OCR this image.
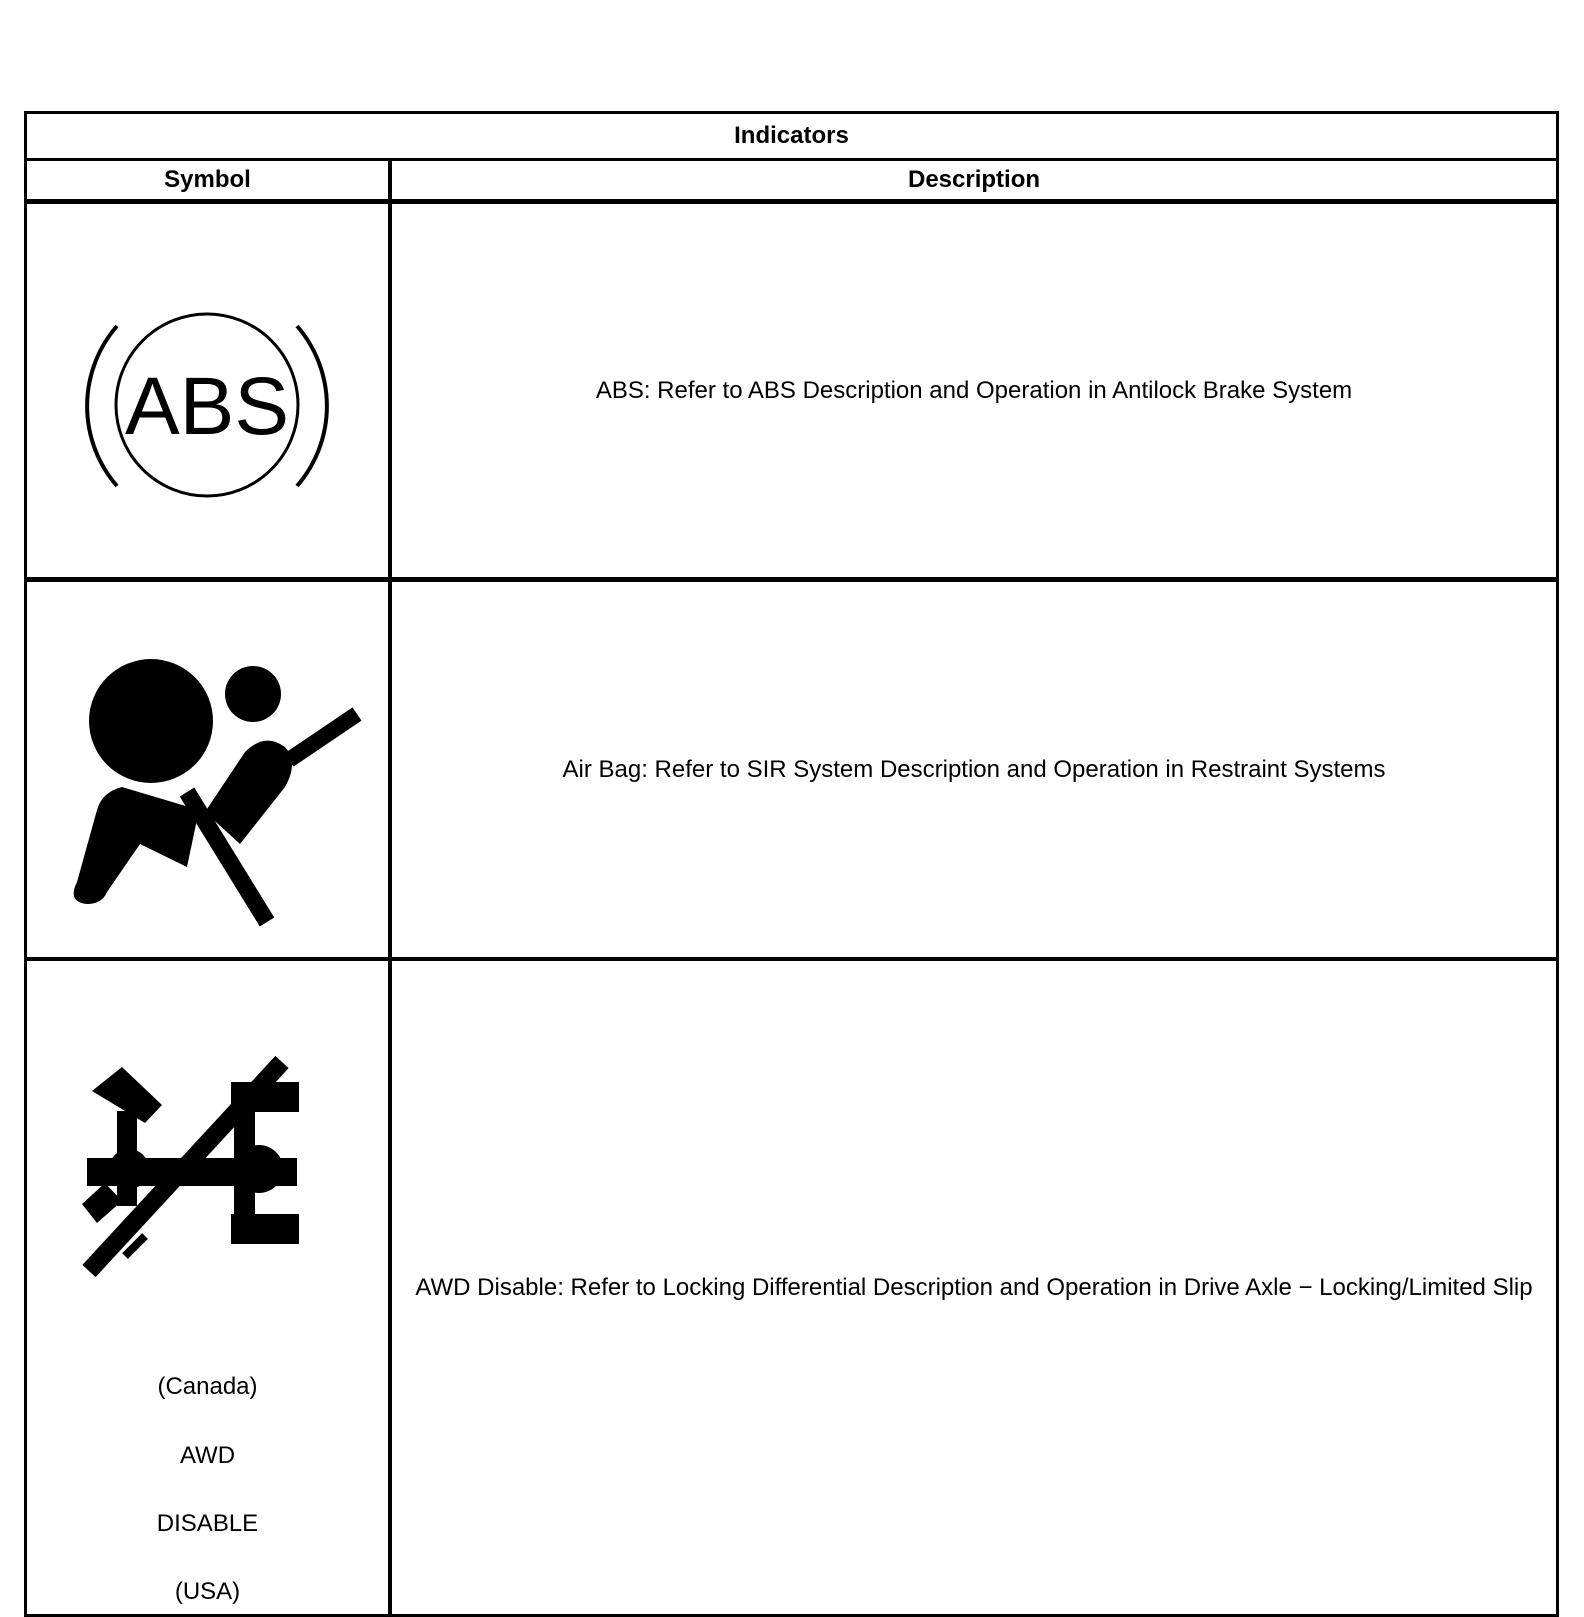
Indicators
Symbol	Description
ABS	ABS: Refer to ABS Description and Operation in Antilock Brake System
Air Bag: Refer to SIR System Description and Operation in Restraint Systems
(Canada)
AWD
DISABLE
(USA)
AWD Disable: Refer to Locking Differential Description and Operation in Drive Axle − Locking/Limited Slip
